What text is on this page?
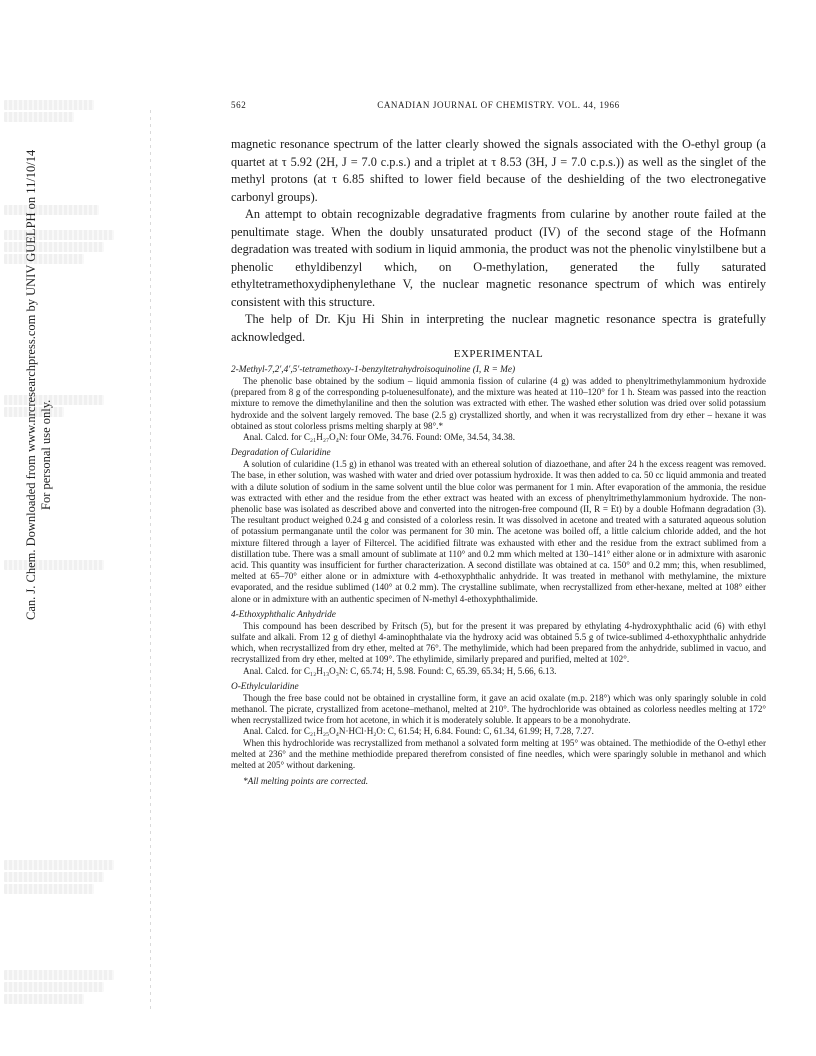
Can. J. Chem. Downloaded from www.nrcresearchpress.com by UNIV GUELPH on 11/10/14 For personal use only.
562	CANADIAN JOURNAL OF CHEMISTRY. VOL. 44, 1966

magnetic resonance spectrum of the latter clearly showed the signals associated with the O-ethyl group (a quartet at τ 5.92 (2H, J = 7.0 c.p.s.) and a triplet at τ 8.53 (3H, J = 7.0 c.p.s.)) as well as the singlet of the methyl protons (at τ 6.85 shifted to lower field because of the deshielding of the two electronegative carbonyl groups).

An attempt to obtain recognizable degradative fragments from cularine by another route failed at the penultimate stage. When the doubly unsaturated product (IV) of the second stage of the Hofmann degradation was treated with sodium in liquid ammonia, the product was not the phenolic vinylstilbene but a phenolic ethyldibenzyl which, on O-methylation, generated the fully saturated ethyltetramethoxydiphenylethane V, the nuclear magnetic resonance spectrum of which was entirely consistent with this structure.

The help of Dr. Kju Hi Shin in interpreting the nuclear magnetic resonance spectra is gratefully acknowledged.

EXPERIMENTAL
2-Methyl-7,2′,4′,5′-tetramethoxy-1-benzyltetrahydroisoquinoline (I, R = Me)

The phenolic base obtained by the sodium – liquid ammonia fission of cularine (4 g) was added to phenyltrimethylammonium hydroxide (prepared from 8 g of the corresponding p-toluenesulfonate), and the mixture was heated at 110–120° for 1 h. Steam was passed into the reaction mixture to remove the dimethylaniline and then the solution was extracted with ether. The washed ether solution was dried over solid potassium hydroxide and the solvent largely removed. The base (2.5 g) crystallized shortly, and when it was recrystallized from dry ether – hexane it was obtained as stout colorless prisms melting sharply at 98°.*

Anal. Calcd. for C₂₁H₂₇O₄N: four OMe, 34.76. Found: OMe, 34.54, 34.38.

Degradation of Cularidine

A solution of cularidine (1.5 g) in ethanol was treated with an ethereal solution of diazoethane, and after 24 h the excess reagent was removed. The base, in ether solution, was washed with water and dried over potassium hydroxide. It was then added to ca. 50 cc liquid ammonia and treated with a dilute solution of sodium in the same solvent until the blue color was permanent for 1 min. After evaporation of the ammonia, the residue was extracted with ether and the residue from the ether extract was heated with an excess of phenyltrimethylammonium hydroxide. The non-phenolic base was isolated as described above and converted into the nitrogen-free compound (II, R = Et) by a double Hofmann degradation (3). The resultant product weighed 0.24 g and consisted of a colorless resin. It was dissolved in acetone and treated with a saturated aqueous solution of potassium permanganate until the color was permanent for 30 min. The acetone was boiled off, a little calcium chloride added, and the hot mixture filtered through a layer of Filtercel. The acidified filtrate was exhausted with ether and the residue from the extract sublimed from a distillation tube. There was a small amount of sublimate at 110° and 0.2 mm which melted at 130–141° either alone or in admixture with asaronic acid. This quantity was insufficient for further characterization. A second distillate was obtained at ca. 150° and 0.2 mm; this, when resublimed, melted at 65–70° either alone or in admixture with 4-ethoxyphthalic anhydride. It was treated in methanol with methylamine, the mixture evaporated, and the residue sublimed (140° at 0.2 mm). The crystalline sublimate, when recrystallized from ether-hexane, melted at 108° either alone or in admixture with an authentic specimen of N-methyl 4-ethoxyphthalimide.

4-Ethoxyphthalic Anhydride

This compound has been described by Fritsch (5), but for the present it was prepared by ethylating 4-hydroxyphthalic acid (6) with ethyl sulfate and alkali. From 12 g of diethyl 4-aminophthalate via the hydroxy acid was obtained 5.5 g of twice-sublimed 4-ethoxyphthalic anhydride which, when recrystallized from dry ether, melted at 76°. The methylimide, which had been prepared from the anhydride, sublimed in vacuo, and recrystallized from dry ether, melted at 109°. The ethylimide, similarly prepared and purified, melted at 102°.

Anal. Calcd. for C₁₂H₁₃O₃N: C, 65.74; H, 5.98. Found: C, 65.39, 65.34; H, 5.66, 6.13.

O-Ethylcularidine

Though the free base could not be obtained in crystalline form, it gave an acid oxalate (m.p. 218°) which was only sparingly soluble in cold methanol. The picrate, crystallized from acetone–methanol, melted at 210°. The hydrochloride was obtained as colorless needles melting at 172° when recrystallized twice from hot acetone, in which it is moderately soluble. It appears to be a monohydrate.

Anal. Calcd. for C₂₁H₂₅O₄N·HCl·H₂O: C, 61.54; H, 6.84. Found: C, 61.34, 61.99; H, 7.28, 7.27.

When this hydrochloride was recrystallized from methanol a solvated form melting at 195° was obtained. The methiodide of the O-ethyl ether melted at 236° and the methine methiodide prepared therefrom consisted of fine needles, which were sparingly soluble in methanol and which melted at 205° without darkening.

*All melting points are corrected.
